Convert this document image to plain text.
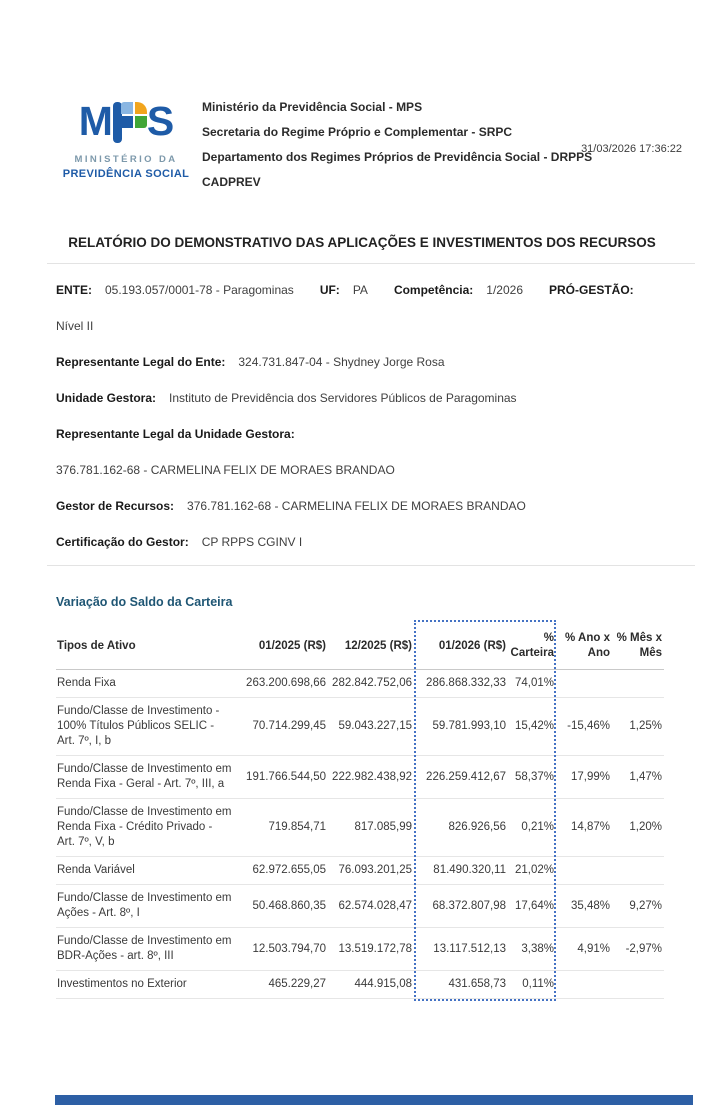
31/03/2026 17:36:22
M S
MINISTÉRIO DA
PREVIDÊNCIA SOCIAL
Ministério da Previdência Social - MPS
Secretaria do Regime Próprio e Complementar - SRPC
Departamento dos Regimes Próprios de Previdência Social - DRPPS
CADPREV
RELATÓRIO DO DEMONSTRATIVO DAS APLICAÇÕES E INVESTIMENTOS DOS RECURSOS
ENTE: 05.193.057/0001-78 - Paragominas UF: PA Competência: 1/2026 PRÓ-GESTÃO:
Nível II
Representante Legal do Ente: 324.731.847-04 - Shydney Jorge Rosa
Unidade Gestora: Instituto de Previdência dos Servidores Públicos de Paragominas
Representante Legal da Unidade Gestora:
376.781.162-68 - CARMELINA FELIX DE MORAES BRANDAO
Gestor de Recursos: 376.781.162-68 - CARMELINA FELIX DE MORAES BRANDAO
Certificação do Gestor: CP RPPS CGINV I
Variação do Saldo da Carteira
Tipos de Ativo	01/2025 (R$)	12/2025 (R$)	01/2026 (R$)	% Carteira	% Ano x Ano	% Mês x Mês
Renda Fixa	263.200.698,66	282.842.752,06	286.868.332,33	74,01%		
Fundo/Classe de Investimento - 100% Títulos Públicos SELIC - Art. 7º, I, b	70.714.299,45	59.043.227,15	59.781.993,10	15,42%	-15,46%	1,25%
Fundo/Classe de Investimento em Renda Fixa - Geral - Art. 7º, III, a	191.766.544,50	222.982.438,92	226.259.412,67	58,37%	17,99%	1,47%
Fundo/Classe de Investimento em Renda Fixa - Crédito Privado - Art. 7º, V, b	719.854,71	817.085,99	826.926,56	0,21%	14,87%	1,20%
Renda Variável	62.972.655,05	76.093.201,25	81.490.320,11	21,02%		
Fundo/Classe de Investimento em Ações - Art. 8º, I	50.468.860,35	62.574.028,47	68.372.807,98	17,64%	35,48%	9,27%
Fundo/Classe de Investimento em BDR-Ações - art. 8º, III	12.503.794,70	13.519.172,78	13.117.512,13	3,38%	4,91%	-2,97%
Investimentos no Exterior	465.229,27	444.915,08	431.658,73	0,11%		
